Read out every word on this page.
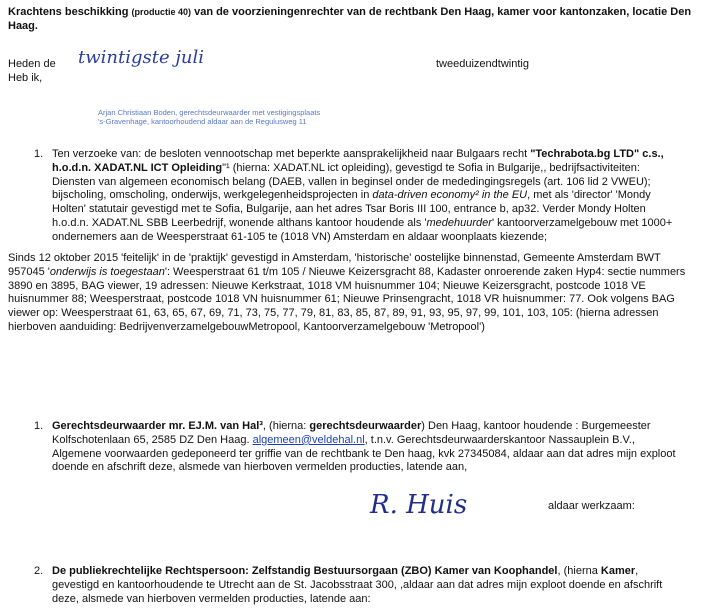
Krachtens beschikking (productie 40) van de voorzieningenrechter van de rechtbank Den Haag, kamer voor kantonzaken, locatie Den Haag.

Heden de
Heb ik,
twintigste juli	tweeduizendtwintig
Arjan Christiaan Boden, gerechtsdeurwaarder met vestigingsplaats
's-Gravenhage, kantoorhoudend aldaar aan de Regulusweg 11
1. Ten verzoeke van: de besloten vennootschap met beperkte aansprakelijkheid naar Bulgaars recht "Techrabota.bg LTD" c.s.,

h.o.d.n. XADAT.NL ICT Opleiding"¹ (hierna: XADAT.NL ict opleiding), gevestigd te Sofia in Bulgarije,, bedrijfsactiviteiten:

Diensten van algemeen economisch belang (DAEB, vallen in beginsel onder de mededingingsregels (art. 106 lid 2 VWEU);

bijscholing, omscholing, onderwijs, werkgelegenheidsprojecten in data-driven economy² in the EU, met als 'director' 'Mondy

Holten' statutair gevestigd met te Sofia, Bulgarije, aan het adres Tsar Boris III 100, entrance b, ap32. Verder Mondy Holten

h.o.d.n. XADAT.NL SBB Leerbedrijf, wonende althans kantoor houdende als 'medehuurder' kantoorverzamelgebouw met 1000+

ondernemers aan de Weesperstraat 61-105 te (1018 VN) Amsterdam en aldaar woonplaats kiezende;

Sinds 12 oktober 2015 'feitelijk' in de 'praktijk' gevestigd in Amsterdam, 'historische' oostelijke binnenstad, Gemeente Amsterdam BWT

957045 'onderwijs is toegestaan': Weesperstraat 61 t/m 105 / Nieuwe Keizersgracht 88, Kadaster onroerende zaken Hyp4: sectie nummers

3890 en 3895, BAG viewer, 19 adressen: Nieuwe Kerkstraat, 1018 VM huisnummer 104; Nieuwe Keizersgracht, postcode 1018 VE

huisnummer 88; Weesperstraat, postcode 1018 VN huisnummer 61; Nieuwe Prinsengracht, 1018 VR huisnummer: 77. Ook volgens BAG

viewer op: Weesperstraat 61, 63, 65, 67, 69, 71, 73, 75, 77, 79, 81, 83, 85, 87, 89, 91, 93, 95, 97, 99, 101, 103, 105: (hierna adressen

hierboven aanduiding: BedrijvenverzamelgebouwMetropool, Kantoorverzamelgebouw 'Metropool')

1. Gerechtsdeurwaarder mr. EJ.M. van Hal³, (hierna: gerechtsdeurwaarder) Den Haag, kantoor houdende : Burgemeester

Kolfschotenlaan 65, 2585 DZ Den Haag. algemeen@veldehal.nl, t.n.v. Gerechtsdeurwaarderskantoor Nassauplein B.V.,

Algemene voorwaarden gedeponeerd ter griffie van de rechtbank te Den haag, kvk 27345084, aldaar aan dat adres mijn exploot

doende en afschrift deze, alsmede van hierboven vermelden producties, latende aan,

R. Huis	aldaar werkzaam:
2. De publiekrechtelijke Rechtspersoon: Zelfstandig Bestuursorgaan (ZBO) Kamer van Koophandel, (hierna Kamer,

gevestigd en kantoorhoudende te Utrecht aan de St. Jacobsstraat 300, ,aldaar aan dat adres mijn exploot doende en afschrift

deze, alsmede van hierboven vermelden producties, latende aan:
